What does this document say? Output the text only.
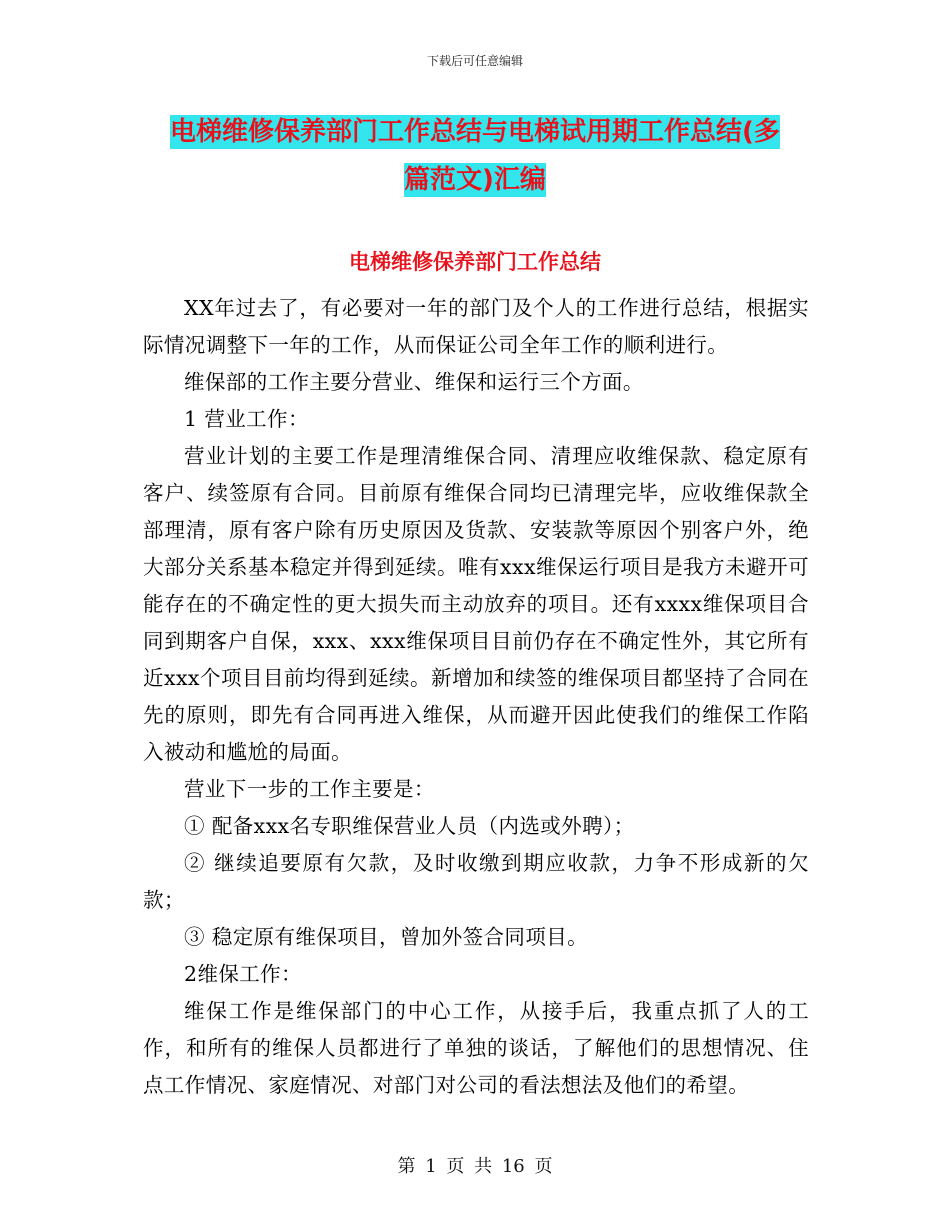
下载后可任意编辑
电梯维修保养部门工作总结与电梯试用期工作总结(多
篇范文)汇编
电梯维修保养部门工作总结

XX年过去了，有必要对一年的部门及个人的工作进行总结，根据实际情况调整下一年的工作，从而保证公司全年工作的顺利进行。

维保部的工作主要分营业、维保和运行三个方面。

1 营业工作：

营业计划的主要工作是理清维保合同、清理应收维保款、稳定原有客户、续签原有合同。目前原有维保合同均已清理完毕，应收维保款全部理清，原有客户除有历史原因及货款、安装款等原因个别客户外，绝大部分关系基本稳定并得到延续。唯有xxx维保运行项目是我方未避开可能存在的不确定性的更大损失而主动放弃的项目。还有xxxx维保项目合同到期客户自保，xxx、xxx维保项目目前仍存在不确定性外，其它所有近xxx个项目目前均得到延续。新增加和续签的维保项目都坚持了合同在先的原则，即先有合同再进入维保，从而避开因此使我们的维保工作陷入被动和尴尬的局面。

营业下一步的工作主要是：

① 配备xxx名专职维保营业人员（内选或外聘）；

② 继续追要原有欠款，及时收缴到期应收款，力争不形成新的欠款；

③ 稳定原有维保项目，曾加外签合同项目。

2维保工作：

维保工作是维保部门的中心工作，从接手后，我重点抓了人的工作，和所有的维保人员都进行了单独的谈话，了解他们的思想情况、住点工作情况、家庭情况、对部门对公司的看法想法及他们的希望。

第 1 页 共 16 页
